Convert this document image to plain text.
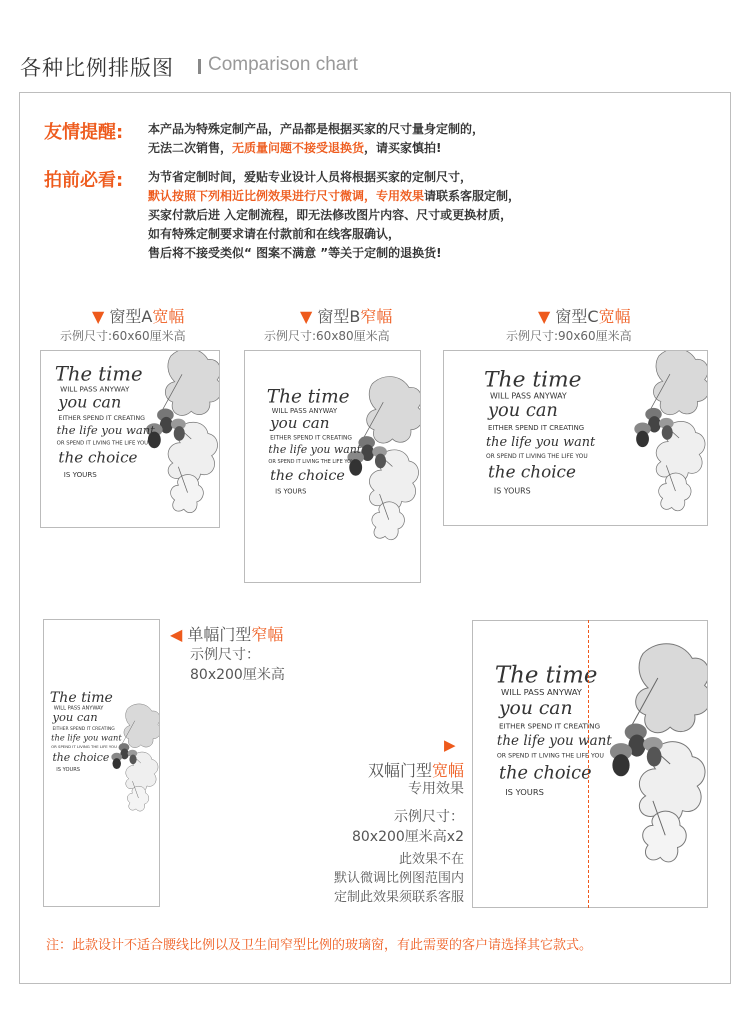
各种比例排版图 Comparison chart
友情提醒: 本产品为特殊定制产品，产品都是根据买家的尺寸量身定制的，
无法二次销售，无质量问题不接受退换货，请买家慎拍!
拍前必看: 为节省定制时间，爱贴专业设计人员将根据买家的定制尺寸，
默认按照下列相近比例效果进行尺寸微调，专用效果请联系客服定制，
买家付款后进 入定制流程，即无法修改图片内容、尺寸或更换材质，
如有特殊定制要求请在付款前和在线客服确认，
售后将不接受类似“ 图案不满意 ”等关于定制的退换货!
▼ 窗型A宽幅
示例尺寸:60x60厘米高
The time
WILL PASS ANYWAY
you can
EITHER SPEND IT CREATING
the life you want
OR SPEND IT LIVING THE LIFE YOU
the choice
IS YOURS
▼ 窗型B窄幅
示例尺寸:60x80厘米高
The time
WILL PASS ANYWAY
you can
EITHER SPEND IT CREATING
the life you want
OR SPEND IT LIVING THE LIFE YOU
the choice
IS YOURS
▼ 窗型C宽幅
示例尺寸:90x60厘米高
The time
WILL PASS ANYWAY
you can
EITHER SPEND IT CREATING
the life you want
OR SPEND IT LIVING THE LIFE YOU
the choice
IS YOURS
The time
WILL PASS ANYWAY
you can
EITHER SPEND IT CREATING
the life you want
OR SPEND IT LIVING THE LIFE YOU
the choice
IS YOURS
◀ 单幅门型窄幅
示例尺寸：
80x200厘米高
▶
双幅门型宽幅
专用效果
示例尺寸：
80x200厘米高x2
此效果不在
默认微调比例图范围内
定制此效果须联系客服
The time
WILL PASS ANYWAY
you can
EITHER SPEND IT CREATING
the life you want
OR SPEND IT LIVING THE LIFE YOU
the choice
IS YOURS
注：此款设计不适合腰线比例以及卫生间窄型比例的玻璃窗，有此需要的客户请选择其它款式。
